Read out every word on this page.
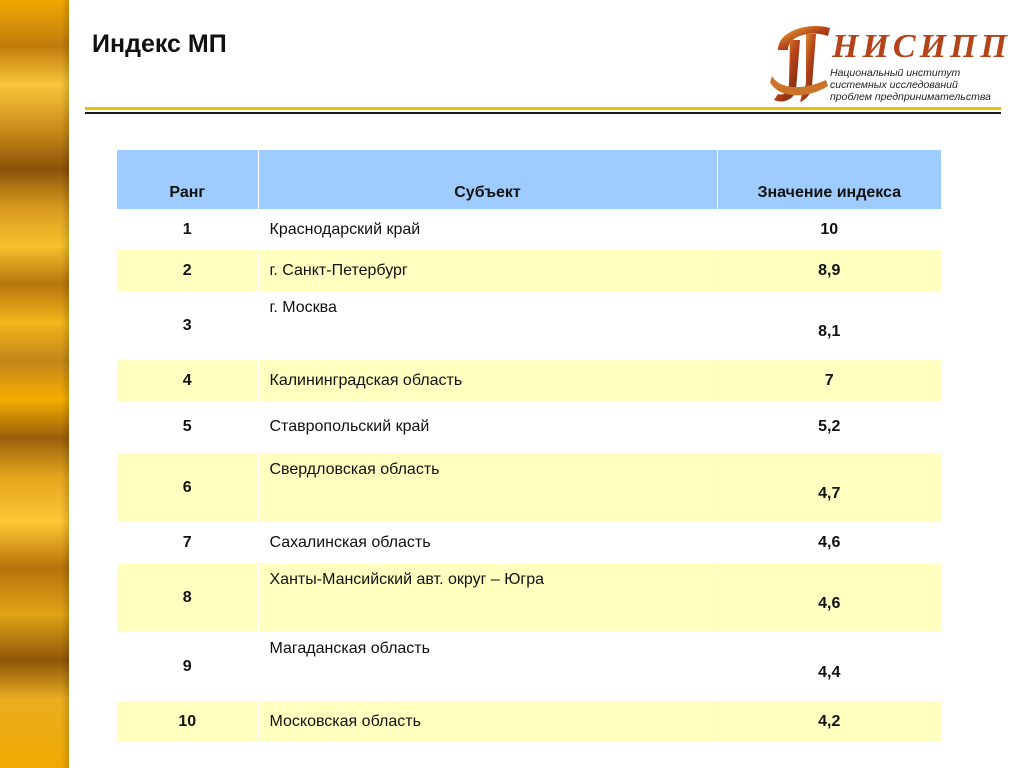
Индекс МП	НИСИПП
Национальный институт
системных исследований
проблем предпринимательства
Ранг	Субъект	Значение индекса
1	Краснодарский край	10
2	г. Санкт-Петербург	8,9
3	г. Москва	8,1
4	Калининградская область	7
5	Ставропольский край	5,2
6	Свердловская область	4,7
7	Сахалинская область	4,6
8	Ханты-Мансийский авт. округ – Югра	4,6
9	Магаданская область	4,4
10	Московская область	4,2
